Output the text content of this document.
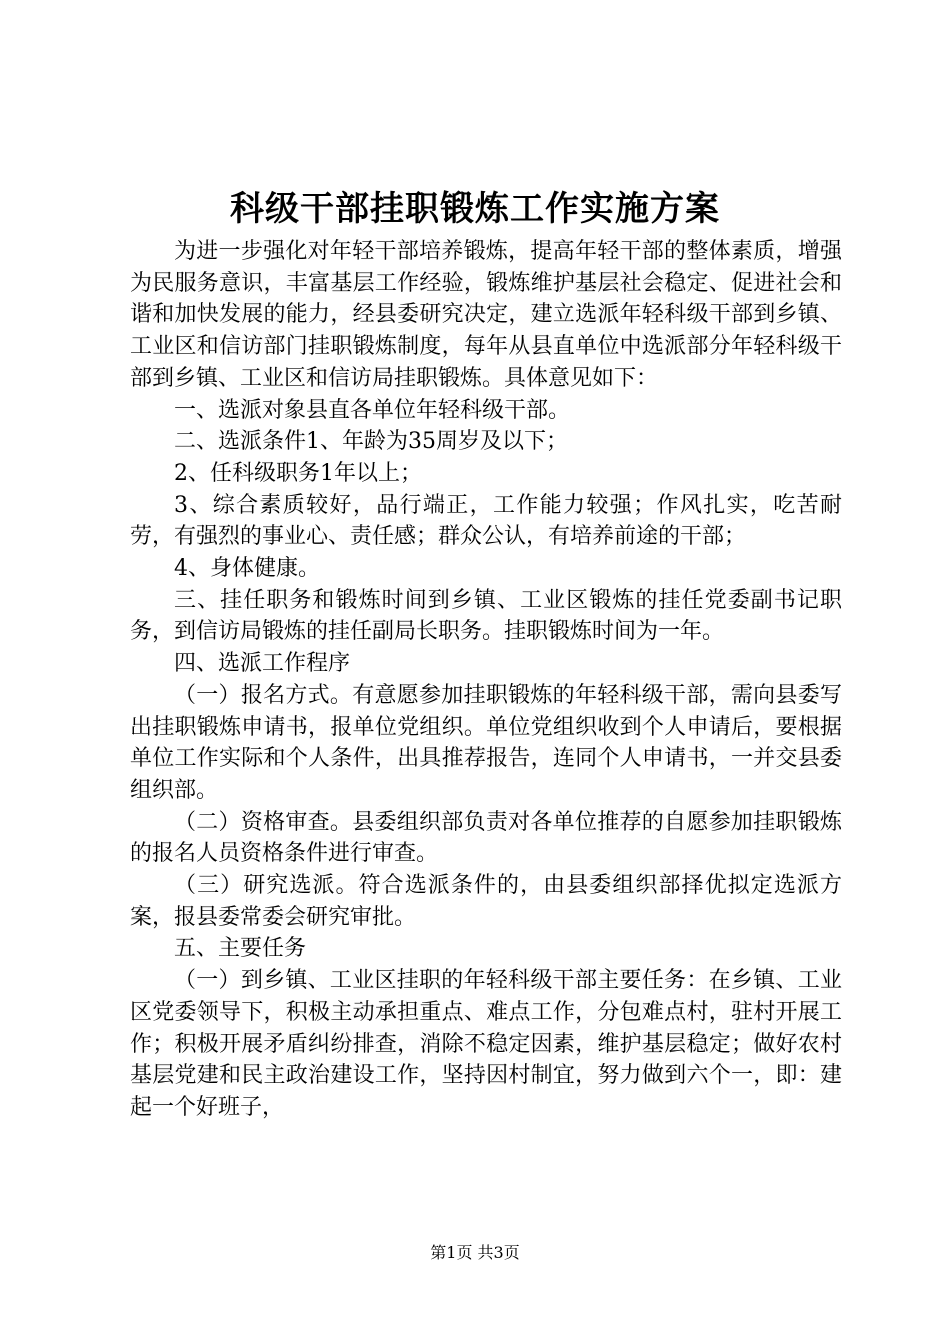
科级干部挂职锻炼工作实施方案

为进一步强化对年轻干部培养锻炼，提高年轻干部的整体素质，增强为民服务意识，丰富基层工作经验，锻炼维护基层社会稳定、促进社会和谐和加快发展的能力，经县委研究决定，建立选派年轻科级干部到乡镇、工业区和信访部门挂职锻炼制度，每年从县直单位中选派部分年轻科级干部到乡镇、工业区和信访局挂职锻炼。具体意见如下：

一、选派对象县直各单位年轻科级干部。

二、选派条件1、年龄为35周岁及以下；

2、任科级职务1年以上；

3、综合素质较好，品行端正，工作能力较强；作风扎实，吃苦耐劳，有强烈的事业心、责任感；群众公认，有培养前途的干部；

4、身体健康。

三、挂任职务和锻炼时间到乡镇、工业区锻炼的挂任党委副书记职务，到信访局锻炼的挂任副局长职务。挂职锻炼时间为一年。

四、选派工作程序

（一）报名方式。有意愿参加挂职锻炼的年轻科级干部，需向县委写出挂职锻炼申请书，报单位党组织。单位党组织收到个人申请后，要根据单位工作实际和个人条件，出具推荐报告，连同个人申请书，一并交县委组织部。

（二）资格审查。县委组织部负责对各单位推荐的自愿参加挂职锻炼的报名人员资格条件进行审查。

（三）研究选派。符合选派条件的，由县委组织部择优拟定选派方案，报县委常委会研究审批。

五、主要任务

（一）到乡镇、工业区挂职的年轻科级干部主要任务：在乡镇、工业区党委领导下，积极主动承担重点、难点工作，分包难点村，驻村开展工作；积极开展矛盾纠纷排查，消除不稳定因素，维护基层稳定；做好农村基层党建和民主政治建设工作，坚持因村制宜，努力做到六个一，即：建起一个好班子，

第1页 共3页
